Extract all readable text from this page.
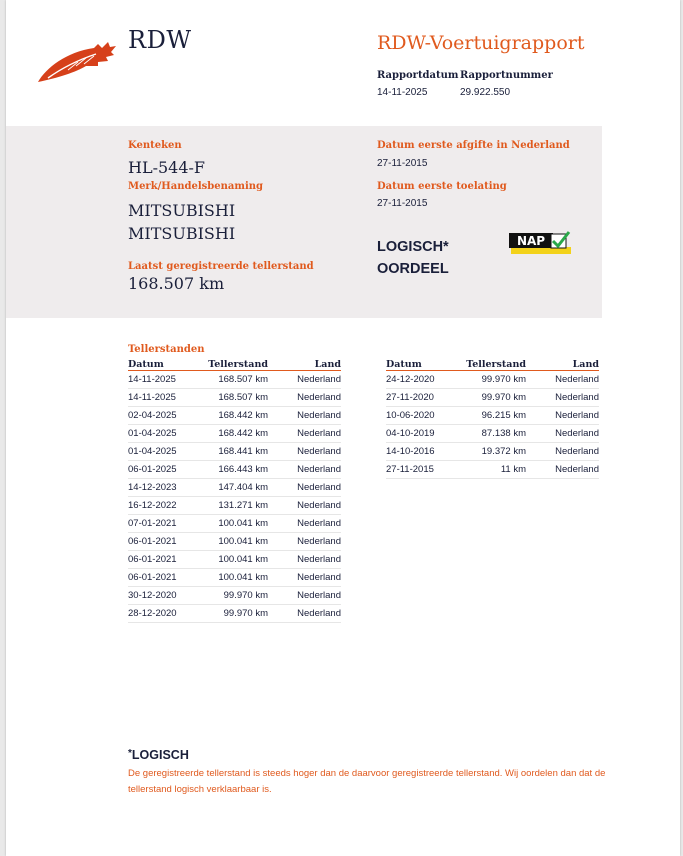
RDW	RDW-Voertuigrapport
Rapportdatum Rapportnummer
14-11-2025	29.922.550
Kenteken
HL-544-F
Merk/Handelsbenaming
MITSUBISHI
MITSUBISHI
Laatst geregistreerde tellerstand
168.507 km
Datum eerste afgifte in Nederland
27-11-2015
Datum eerste toelating
27-11-2015
LOGISCH*
OORDEEL
NAP
Tellerstanden
Datum	Tellerstand	Land
14-11-2025	168.507 km	Nederland
14-11-2025	168.507 km	Nederland
02-04-2025	168.442 km	Nederland
01-04-2025	168.442 km	Nederland
01-04-2025	168.441 km	Nederland
06-01-2025	166.443 km	Nederland
14-12-2023	147.404 km	Nederland
16-12-2022	131.271 km	Nederland
07-01-2021	100.041 km	Nederland
06-01-2021	100.041 km	Nederland
06-01-2021	100.041 km	Nederland
06-01-2021	100.041 km	Nederland
30-12-2020	99.970 km	Nederland
28-12-2020	99.970 km	Nederland
Datum	Tellerstand	Land
24-12-2020	99.970 km	Nederland
27-11-2020	99.970 km	Nederland
10-06-2020	96.215 km	Nederland
04-10-2019	87.138 km	Nederland
14-10-2016	19.372 km	Nederland
27-11-2015	11 km	Nederland
*LOGISCH
De geregistreerde tellerstand is steeds hoger dan de daarvoor geregistreerde tellerstand. Wij oordelen dan dat de tellerstand logisch verklaarbaar is.
